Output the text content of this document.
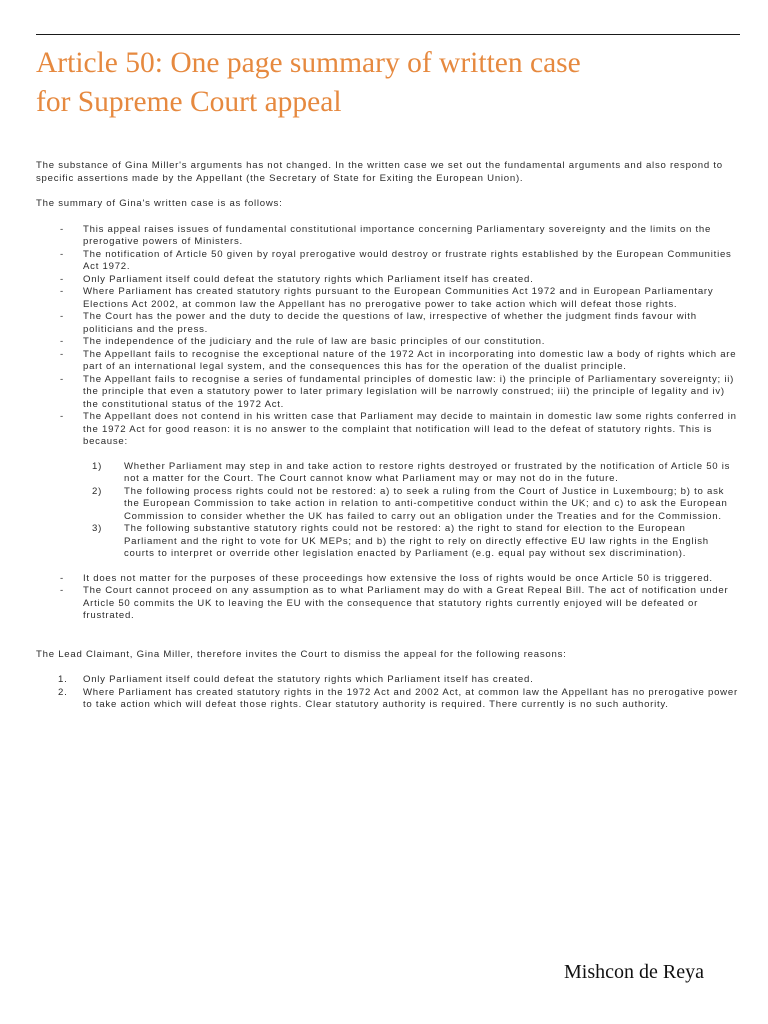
Article 50: One page summary of written case
for Supreme Court appeal

The substance of Gina Miller's arguments has not changed. In the written case we set out the fundamental arguments and also respond to specific assertions made by the Appellant (the Secretary of State for Exiting the European Union).

The summary of Gina's written case is as follows:

- This appeal raises issues of fundamental constitutional importance concerning Parliamentary sovereignty and the limits on the prerogative powers of Ministers.
- The notification of Article 50 given by royal prerogative would destroy or frustrate rights established by the European Communities Act 1972.
- Only Parliament itself could defeat the statutory rights which Parliament itself has created.
- Where Parliament has created statutory rights pursuant to the European Communities Act 1972 and in European Parliamentary Elections Act 2002, at common law the Appellant has no prerogative power to take action which will defeat those rights.
- The Court has the power and the duty to decide the questions of law, irrespective of whether the judgment finds favour with politicians and the press.
- The independence of the judiciary and the rule of law are basic principles of our constitution.
- The Appellant fails to recognise the exceptional nature of the 1972 Act in incorporating into domestic law a body of rights which are part of an international legal system, and the consequences this has for the operation of the dualist principle.
- The Appellant fails to recognise a series of fundamental principles of domestic law: i) the principle of Parliamentary sovereignty; ii) the principle that even a statutory power to later primary legislation will be narrowly construed; iii) the principle of legality and iv) the constitutional status of the 1972 Act.
- The Appellant does not contend in his written case that Parliament may decide to maintain in domestic law some rights conferred in the 1972 Act for good reason: it is no answer to the complaint that notification will lead to the defeat of statutory rights. This is because:
1) Whether Parliament may step in and take action to restore rights destroyed or frustrated by the notification of Article 50 is not a matter for the Court. The Court cannot know what Parliament may or may not do in the future.
2) The following process rights could not be restored: a) to seek a ruling from the Court of Justice in Luxembourg; b) to ask the European Commission to take action in relation to anti-competitive conduct within the UK; and c) to ask the European Commission to consider whether the UK has failed to carry out an obligation under the Treaties and for the Commission.
3) The following substantive statutory rights could not be restored: a) the right to stand for election to the European Parliament and the right to vote for UK MEPs; and b) the right to rely on directly effective EU law rights in the English courts to interpret or override other legislation enacted by Parliament (e.g. equal pay without sex discrimination).
- It does not matter for the purposes of these proceedings how extensive the loss of rights would be once Article 50 is triggered.
- The Court cannot proceed on any assumption as to what Parliament may do with a Great Repeal Bill. The act of notification under Article 50 commits the UK to leaving the EU with the consequence that statutory rights currently enjoyed will be defeated or frustrated.

The Lead Claimant, Gina Miller, therefore invites the Court to dismiss the appeal for the following reasons:

1. Only Parliament itself could defeat the statutory rights which Parliament itself has created.
2. Where Parliament has created statutory rights in the 1972 Act and 2002 Act, at common law the Appellant has no prerogative power to take action which will defeat those rights. Clear statutory authority is required. There currently is no such authority.
Mishcon de Reya
